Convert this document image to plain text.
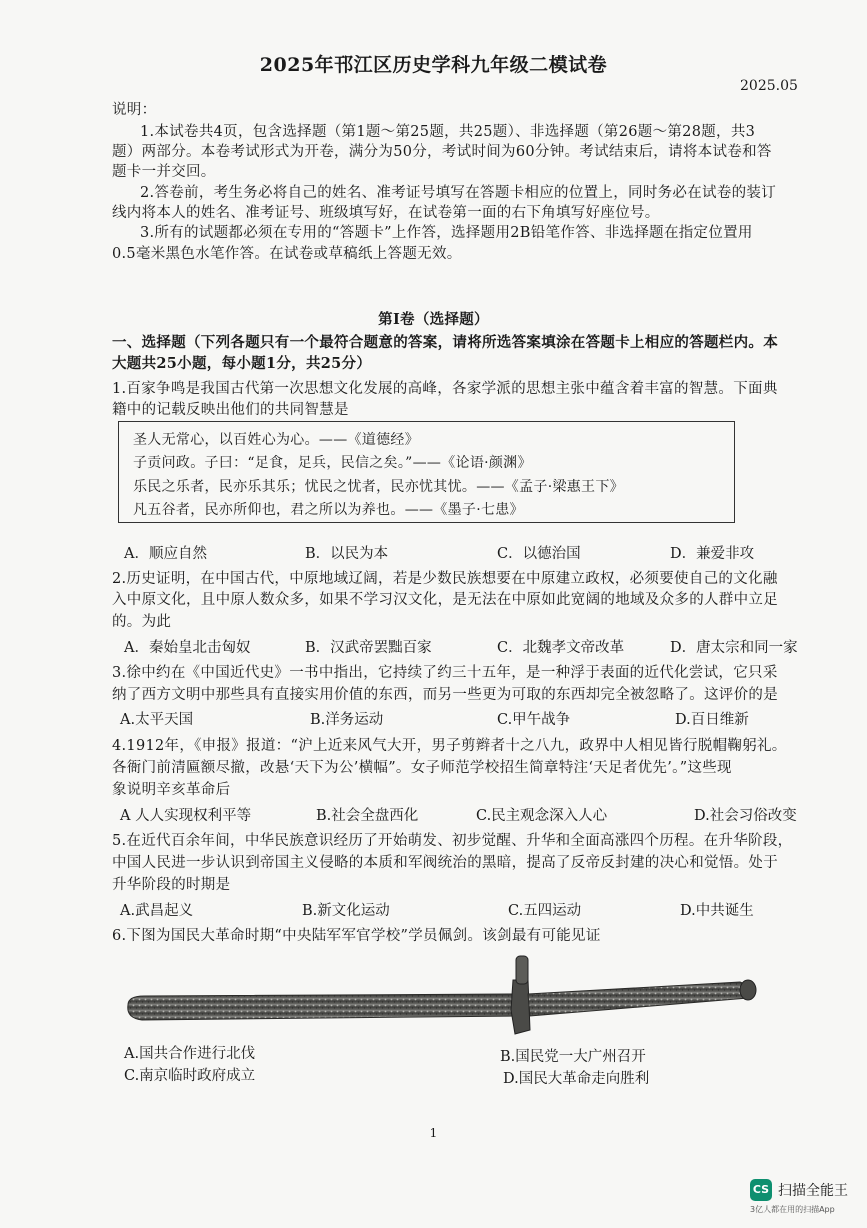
2025年邗江区历史学科九年级二模试卷
2025.05
说明：
1.本试卷共4页，包含选择题（第1题～第25题，共25题）、非选择题（第26题～第28题，共3
题）两部分。本卷考试形式为开卷，满分为50分，考试时间为60分钟。考试结束后，请将本试卷和答
题卡一并交回。
2.答卷前，考生务必将自己的姓名、准考证号填写在答题卡相应的位置上，同时务必在试卷的装订
线内将本人的姓名、准考证号、班级填写好，在试卷第一面的右下角填写好座位号。
3.所有的试题都必须在专用的“答题卡”上作答，选择题用2B铅笔作答、非选择题在指定位置用
0.5毫米黑色水笔作答。在试卷或草稿纸上答题无效。
第Ⅰ卷（选择题）
一、选择题（下列各题只有一个最符合题意的答案，请将所选答案填涂在答题卡上相应的答题栏内。本
大题共25小题，每小题1分，共25分）
1.百家争鸣是我国古代第一次思想文化发展的高峰，各家学派的思想主张中蕴含着丰富的智慧。下面典
籍中的记载反映出他们的共同智慧是
圣人无常心，以百姓心为心。——《道德经》
子贡问政。子曰：“足食，足兵，民信之矣。”——《论语·颜渊》
乐民之乐者，民亦乐其乐；忧民之忧者，民亦忧其忧。——《孟子·梁惠王下》
凡五谷者，民亦所仰也，君之所以为养也。——《墨子·七患》
A．顺应自然	B．以民为本	C．以德治国	D．兼爱非攻
2.历史证明，在中国古代，中原地域辽阔，若是少数民族想要在中原建立政权，必须要使自己的文化融
入中原文化，且中原人数众多，如果不学习汉文化，是无法在中原如此宽阔的地域及众多的人群中立足
的。为此
A．秦始皇北击匈奴	B．汉武帝罢黜百家	C．北魏孝文帝改革	D．唐太宗和同一家
3.徐中约在《中国近代史》一书中指出，它持续了约三十五年，是一种浮于表面的近代化尝试，它只采
纳了西方文明中那些具有直接实用价值的东西，而另一些更为可取的东西却完全被忽略了。这评价的是
A.太平天国	B.洋务运动	C.甲午战争	D.百日维新
4.1912年，《申报》报道：“沪上近来风气大开，男子剪辫者十之八九，政界中人相见皆行脱帽鞠躬礼。
各衙门前清匾额尽撤，改悬‘天下为公’横幅”。女子师范学校招生简章特注‘天足者优先’。”这些现
象说明辛亥革命后
A 人人实现权利平等	B.社会全盘西化	C.民主观念深入人心	D.社会习俗改变
5.在近代百余年间，中华民族意识经历了开始萌发、初步觉醒、升华和全面高涨四个历程。在升华阶段，
中国人民进一步认识到帝国主义侵略的本质和军阀统治的黑暗，提高了反帝反封建的决心和觉悟。处于
升华阶段的时期是
A.武昌起义	B.新文化运动	C.五四运动	D.中共诞生
6.下图为国民大革命时期“中央陆军军官学校”学员佩剑。该剑最有可能见证
A.国共合作进行北伐	B.国民党一大广州召开
C.南京临时政府成立	D.国民大革命走向胜利
1
CS 扫描全能王
3亿人都在用的扫描App
